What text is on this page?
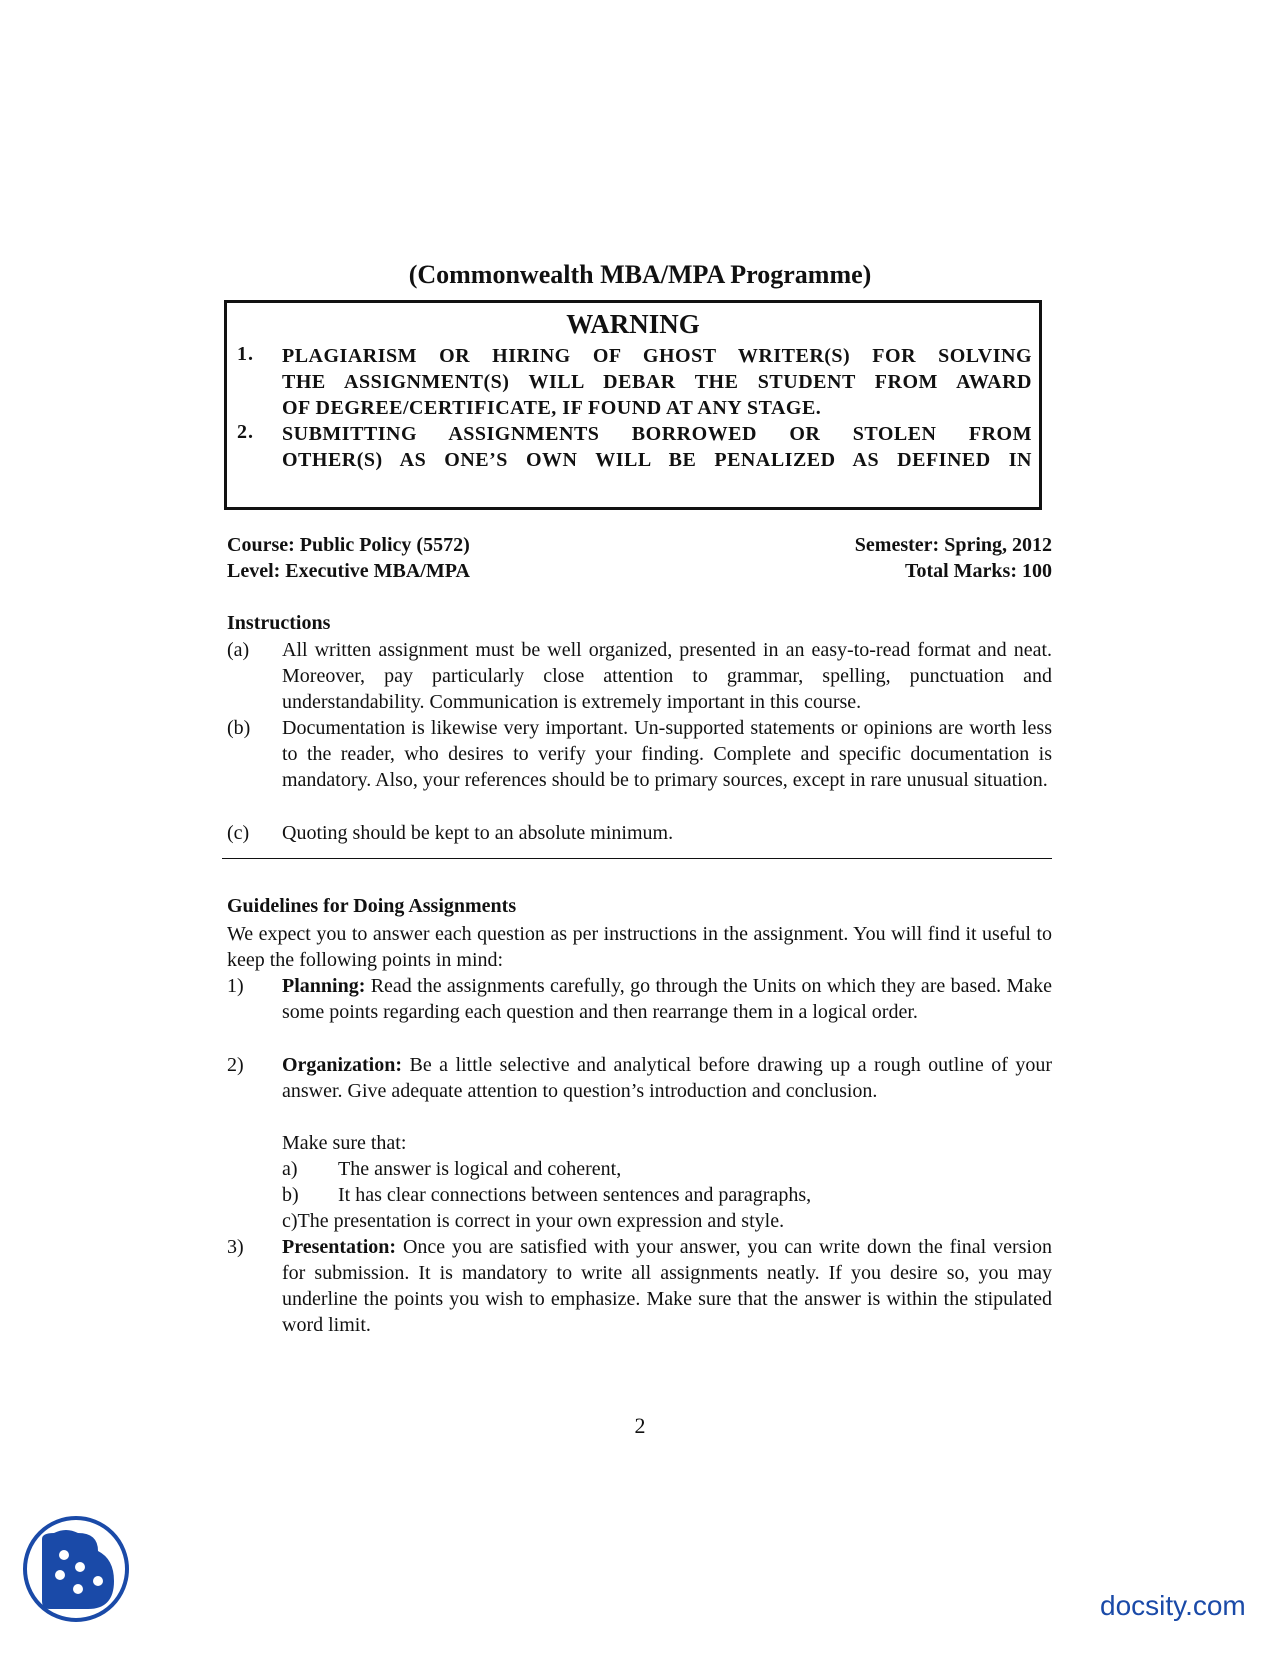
(Commonwealth MBA/MPA Programme)
WARNING
1. PLAGIARISM OR HIRING OF GHOST WRITER(S) FOR SOLVING
THE ASSIGNMENT(S) WILL DEBAR THE STUDENT FROM AWARD
OF DEGREE/CERTIFICATE, IF FOUND AT ANY STAGE.
2. SUBMITTING ASSIGNMENTS BORROWED OR STOLEN FROM
OTHER(S) AS ONE’S OWN WILL BE PENALIZED AS DEFINED IN
Course: Public Policy (5572)
Level: Executive MBA/MPA
Semester: Spring, 2012
Total Marks: 100
Instructions
(a) All written assignment must be well organized, presented in an easy-to-read format and neat. Moreover, pay particularly close attention to grammar, spelling, punctuation and understandability. Communication is extremely important in this course.
(b) Documentation is likewise very important. Un-supported statements or opinions are worth less to the reader, who desires to verify your finding. Complete and specific documentation is mandatory. Also, your references should be to primary sources, except in rare unusual situation.
(c) Quoting should be kept to an absolute minimum.
Guidelines for Doing Assignments
We expect you to answer each question as per instructions in the assignment. You will find it useful to keep the following points in mind:
1) Planning: Read the assignments carefully, go through the Units on which they are based. Make some points regarding each question and then rearrange them in a logical order.
2) Organization: Be a little selective and analytical before drawing up a rough outline of your answer. Give adequate attention to question’s introduction and conclusion.
Make sure that:
a) The answer is logical and coherent,
b) It has clear connections between sentences and paragraphs,
c)The presentation is correct in your own expression and style.
3) Presentation: Once you are satisfied with your answer, you can write down the final version for submission. It is mandatory to write all assignments neatly. If you desire so, you may underline the points you wish to emphasize. Make sure that the answer is within the stipulated word limit.
2
docsity.com
